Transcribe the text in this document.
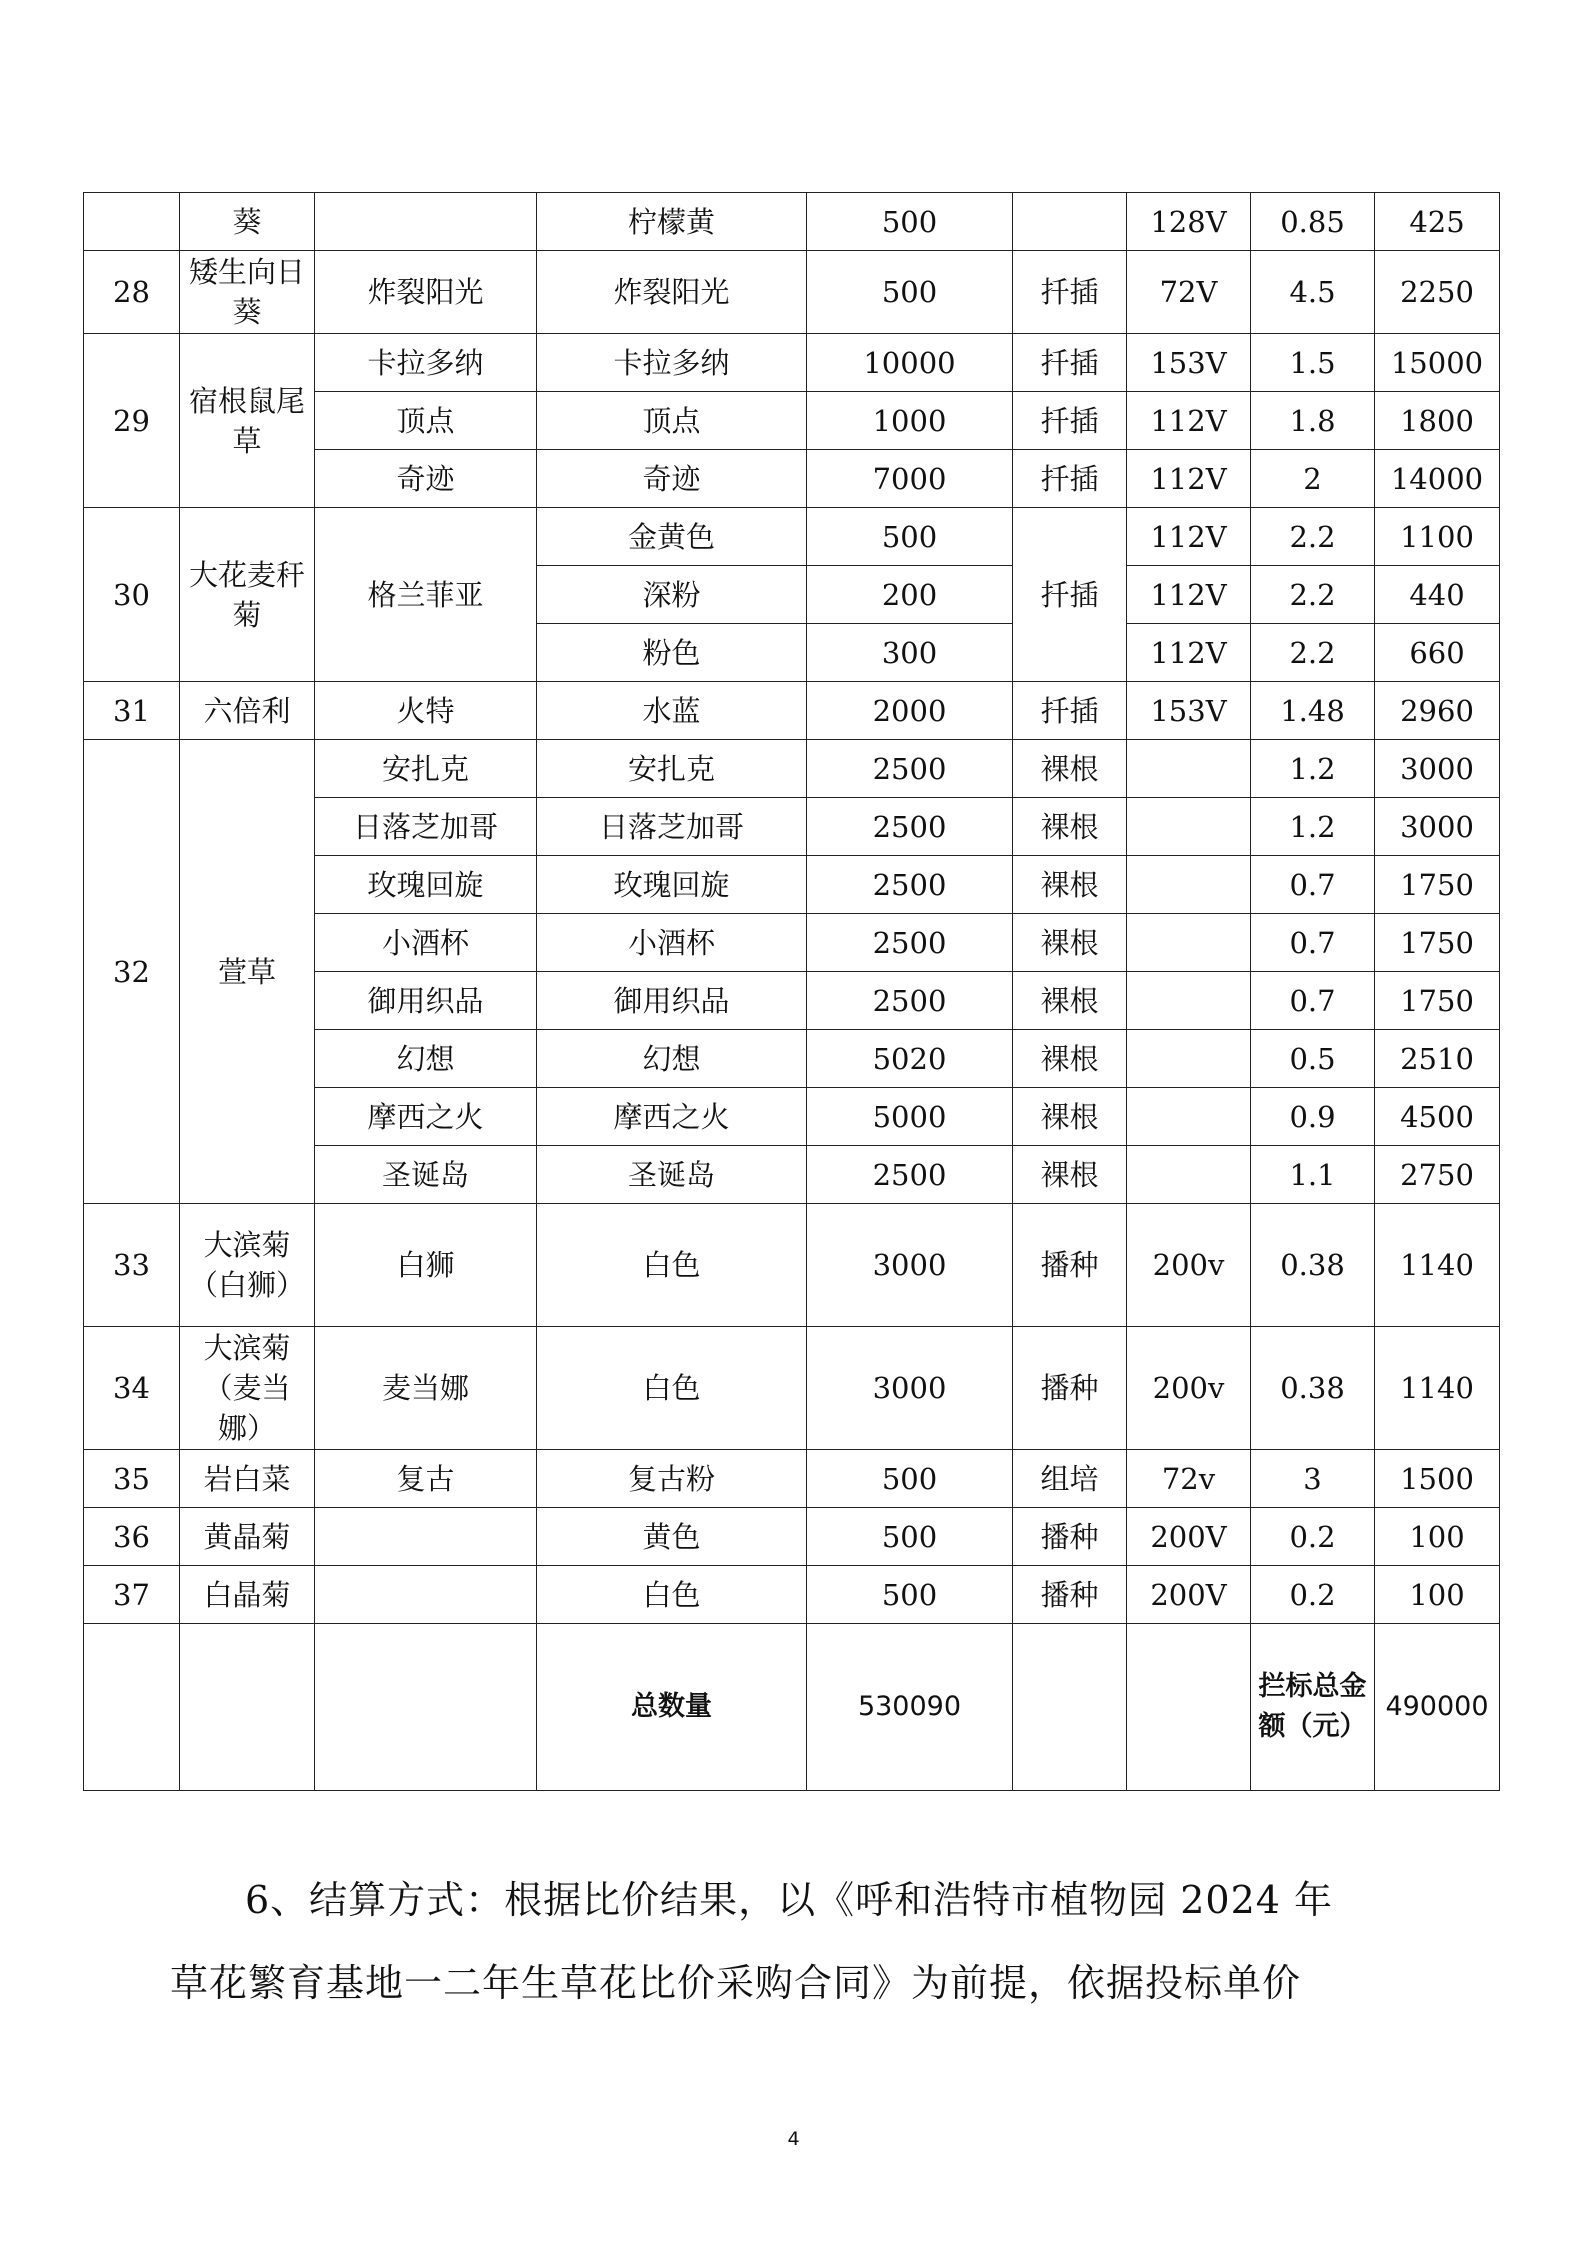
	葵		柠檬黄	500		128V	0.85	425
28	矮生向日葵	炸裂阳光	炸裂阳光	500	扦插	72V	4.5	2250
29	宿根鼠尾草	卡拉多纳	卡拉多纳	10000	扦插	153V	1.5	15000
		顶点	顶点	1000	扦插	112V	1.8	1800
		奇迹	奇迹	7000	扦插	112V	2	14000
30	大花麦秆菊	格兰菲亚	金黄色	500	扦插	112V	2.2	1100
			深粉	200		112V	2.2	440
			粉色	300		112V	2.2	660
31	六倍利	火特	水蓝	2000	扦插	153V	1.48	2960
32	萱草	安扎克	安扎克	2500	裸根		1.2	3000
		日落芝加哥	日落芝加哥	2500	裸根		1.2	3000
		玫瑰回旋	玫瑰回旋	2500	裸根		0.7	1750
		小酒杯	小酒杯	2500	裸根		0.7	1750
		御用织品	御用织品	2500	裸根		0.7	1750
		幻想	幻想	5020	裸根		0.5	2510
		摩西之火	摩西之火	5000	裸根		0.9	4500
		圣诞岛	圣诞岛	2500	裸根		1.1	2750
33	大滨菊（白狮）	白狮	白色	3000	播种	200v	0.38	1140
34	大滨菊（麦当娜）	麦当娜	白色	3000	播种	200v	0.38	1140
35	岩白菜	复古	复古粉	500	组培	72v	3	1500
36	黄晶菊		黄色	500	播种	200V	0.2	100
37	白晶菊		白色	500	播种	200V	0.2	100
			总数量	530090			拦标总金额（元）	490000
6、结算方式：根据比价结果，以《呼和浩特市植物园 2024 年
草花繁育基地一二年生草花比价采购合同》为前提，依据投标单价
4
